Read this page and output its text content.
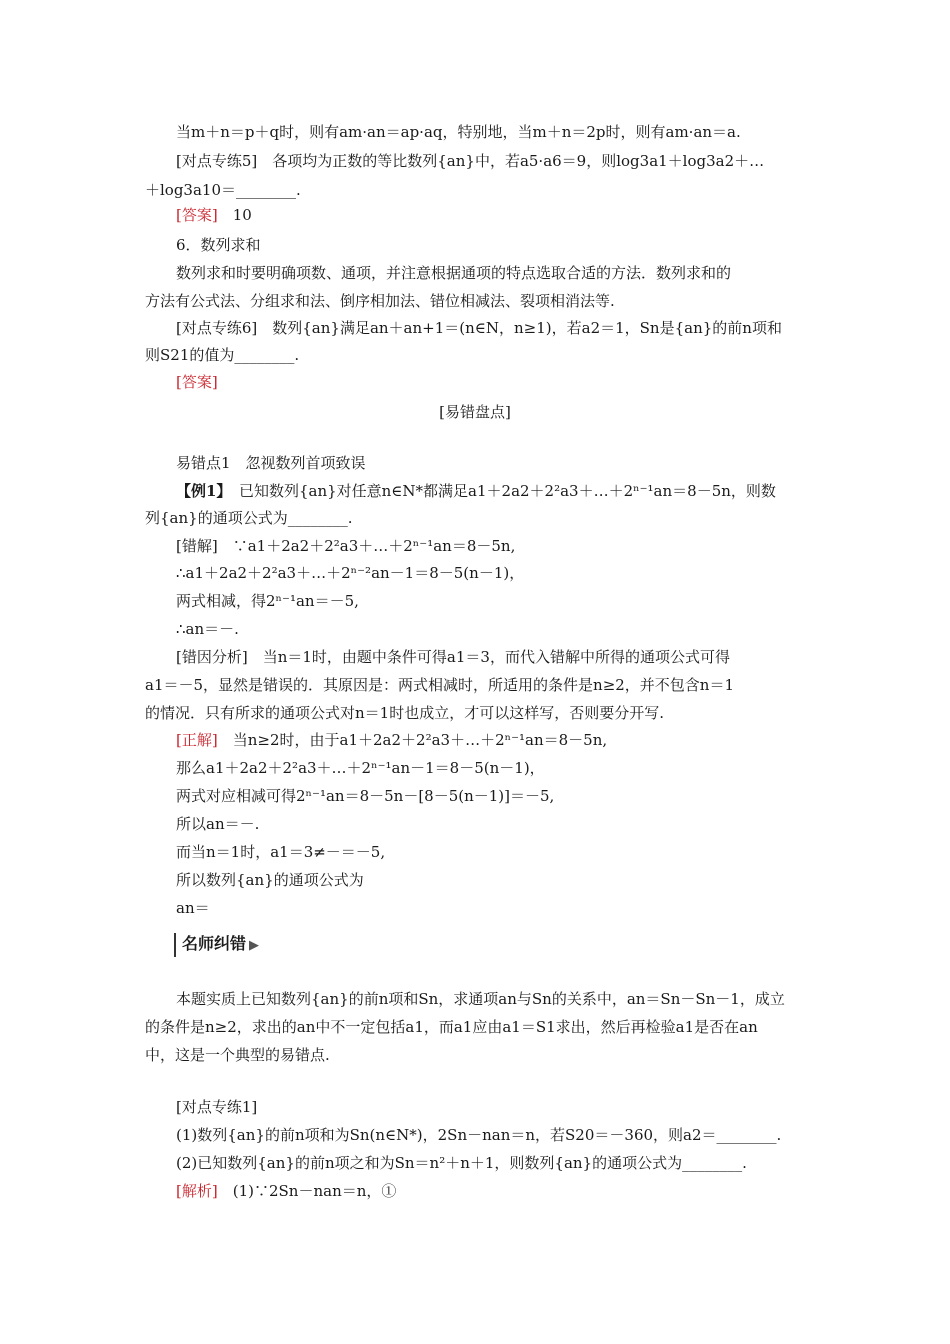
当m＋n＝p＋q时，则有am·an＝ap·aq，特别地，当m＋n＝2p时，则有am·an＝a.
[对点专练5]　各项均为正数的等比数列{an}中，若a5·a6＝9，则log3a1＋log3a2＋…
＋log3a10＝________.
[答案]　 10
6．数列求和
数列求和时要明确项数、通项，并注意根据通项的特点选取合适的方法．数列求和的
方法有公式法、分组求和法、倒序相加法、错位相减法、裂项相消法等.
[对点专练6]　数列{an}满足an＋an+1＝(n∈N，n≥1)，若a2＝1，Sn是{an}的前n项和
则S21的值为________.
[答案]
[易错盘点]
易错点1　忽视数列首项致误
【例1】　 已知数列{an}对任意n∈N*都满足a1＋2a2＋2²a3＋…＋2ⁿ⁻¹an＝8－5n，则数
列{an}的通项公式为________.
[错解]　∵a1＋2a2＋2²a3＋…＋2ⁿ⁻¹an＝8－5n,
∴a1＋2a2＋2²a3＋…＋2ⁿ⁻²an－1＝8－5(n－1)，
两式相减，得2ⁿ⁻¹an＝－5,
∴an＝－.
[错因分析]　当n＝1时，由题中条件可得a1＝3，而代入错解中所得的通项公式可得
a1＝－5，显然是错误的．其原因是：两式相减时，所适用的条件是n≥2，并不包含n＝1
的情况．只有所求的通项公式对n＝1时也成立，才可以这样写，否则要分开写.
[正解]　 当n≥2时，由于a1＋2a2＋2²a3＋…＋2ⁿ⁻¹an＝8－5n,
那么a1＋2a2＋2²a3＋…＋2ⁿ⁻¹an－1＝8－5(n－1)，
两式对应相减可得2ⁿ⁻¹an＝8－5n－[8－5(n－1)]＝－5,
所以an＝－.
而当n＝1时，a1＝3≠－＝－5,
所以数列{an}的通项公式为
an＝
名师纠错 ▶
本题实质上已知数列{an}的前n项和Sn，求通项an与Sn的关系中，an＝Sn－Sn－1，成立
的条件是n≥2，求出的an中不一定包括a1，而a1应由a1＝S1求出，然后再检验a1是否在an
中，这是一个典型的易错点.
[对点专练1]
(1)数列{an}的前n项和为Sn(n∈N*)，2Sn－nan＝n，若S20＝－360，则a2＝________.
(2)已知数列{an}的前n项之和为Sn＝n²＋n＋1，则数列{an}的通项公式为________.
[解析]　 (1)∵2Sn－nan＝n，①
